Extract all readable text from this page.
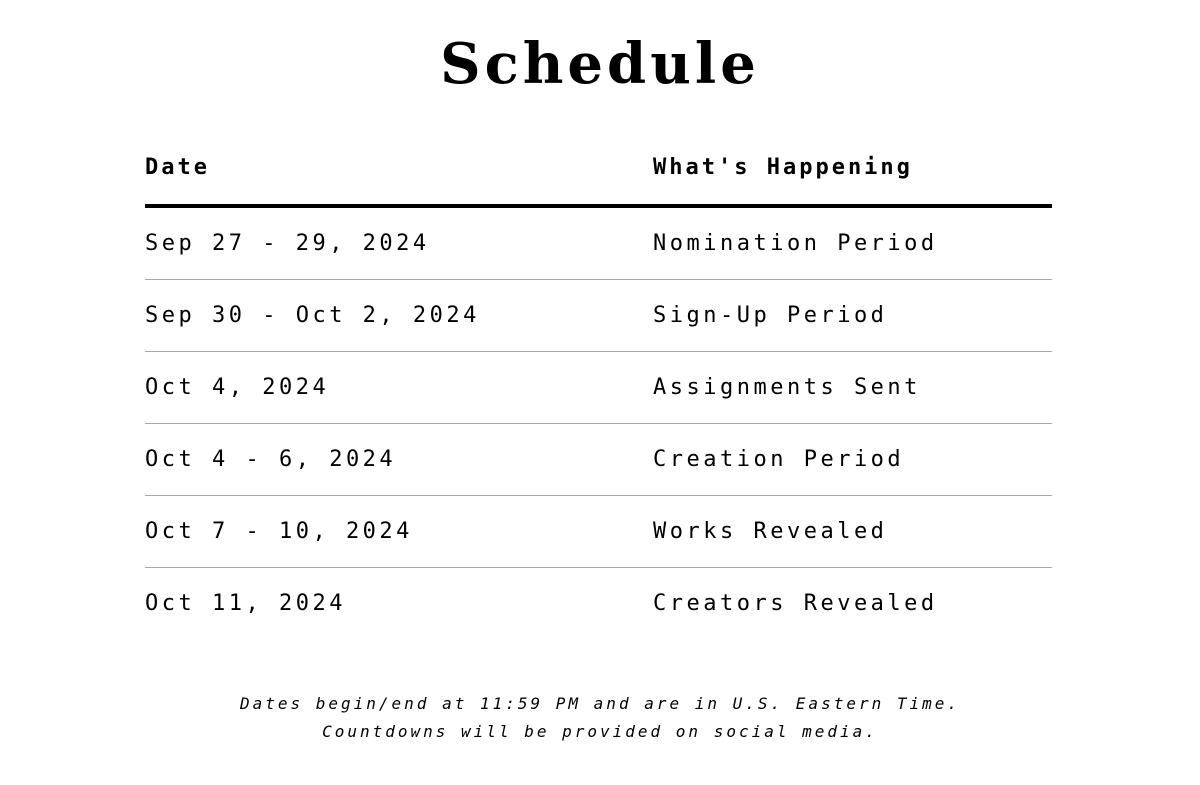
Schedule
Date	What's Happening
Sep 27 - 29, 2024	Nomination Period
Sep 30 - Oct 2, 2024	Sign-Up Period
Oct 4, 2024	Assignments Sent
Oct 4 - 6, 2024	Creation Period
Oct 7 - 10, 2024	Works Revealed
Oct 11, 2024	Creators Revealed
Dates begin/end at 11:59 PM and are in U.S. Eastern Time.
Countdowns will be provided on social media.
